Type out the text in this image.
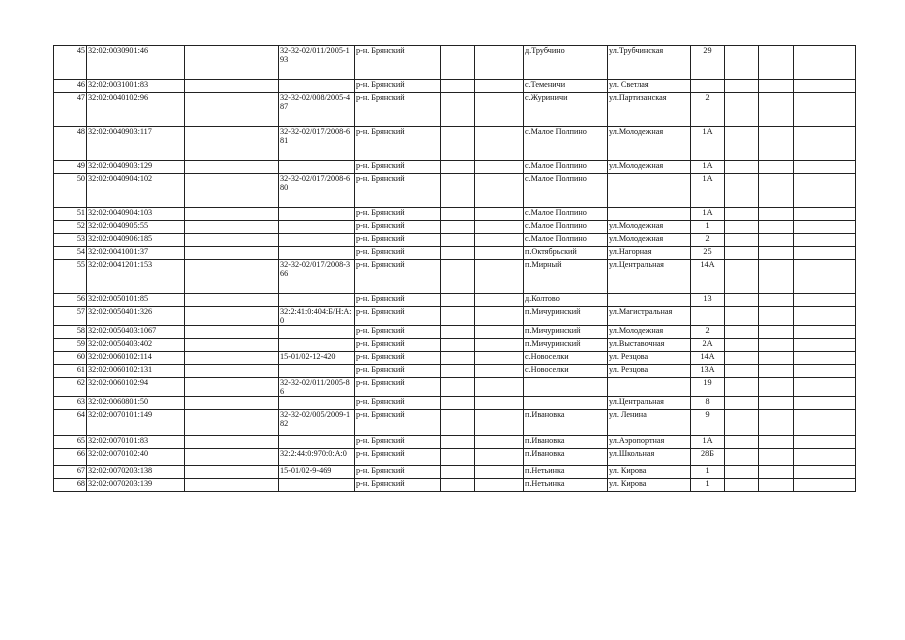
45	32:02:0030901:46		32-32-02/011/2005-193	р-н. Брянский			д.Трубчино	ул.Трубчинская	29			
46	32:02:0031001:83			р-н. Брянский			с.Теменичи	ул. Светлая				
47	32:02:0040102:96		32-32-02/008/2005-487	р-н. Брянский			с.Журиничи	ул.Партизанская	2			
48	32:02:0040903:117		32-32-02/017/2008-681	р-н. Брянский			с.Малое Полпино	ул.Молодежная	1А			
49	32:02:0040903:129			р-н. Брянский			с.Малое Полпино	ул.Молодежная	1А			
50	32:02:0040904:102		32-32-02/017/2008-680	р-н. Брянский			с.Малое Полпино		1А			
51	32:02:0040904:103			р-н. Брянский			с.Малое Полпино		1А			
52	32:02:0040905:55			р-н. Брянский			с.Малое Полпино	ул.Молодежная	1			
53	32:02:0040906:185			р-н. Брянский			с.Малое Полпино	ул.Молодежная	2			
54	32:02:0041001:37			р-н. Брянский			п.Октябрьский	ул.Нагорная	25			
55	32:02:0041201:153		32-32-02/017/2008-366	р-н. Брянский			п.Мирный	ул.Центральная	14А			
56	32:02:0050101:85			р-н. Брянский			д.Колтово		13			
57	32:02:0050401:326		32:2:41:0:404:Б/Н:А:0	р-н. Брянский			п.Мичуринский	ул.Магистральная				
58	32:02:0050403:1067			р-н. Брянский			п.Мичуринский	ул.Молодежная	2			
59	32:02:0050403:402			р-н. Брянский			п.Мичуринский	ул.Выставочная	2А			
60	32:02:0060102:114		15-01/02-12-420	р-н. Брянский			с.Новоселки	ул. Резцова	14А			
61	32:02:0060102:131			р-н. Брянский			с.Новоселки	ул. Резцова	13А			
62	32:02:0060102:94		32-32-02/011/2005-86	р-н. Брянский					19			
63	32:02:0060801:50			р-н. Брянский				ул.Центральная	8			
64	32:02:0070101:149		32-32-02/005/2009-182	р-н. Брянский			п.Ивановка	ул. Ленина	9			
65	32:02:0070101:83			р-н. Брянский			п.Ивановка	ул.Аэропортная	1А			
66	32:02:0070102:40		32:2:44:0:970:0:А:0	р-н. Брянский			п.Ивановка	ул.Школьная	28Б			
67	32:02:0070203:138		15-01/02-9-469	р-н. Брянский			п.Нетьинка	ул. Кирова	1			
68	32:02:0070203:139			р-н. Брянский			п.Нетьинка	ул. Кирова	1			
